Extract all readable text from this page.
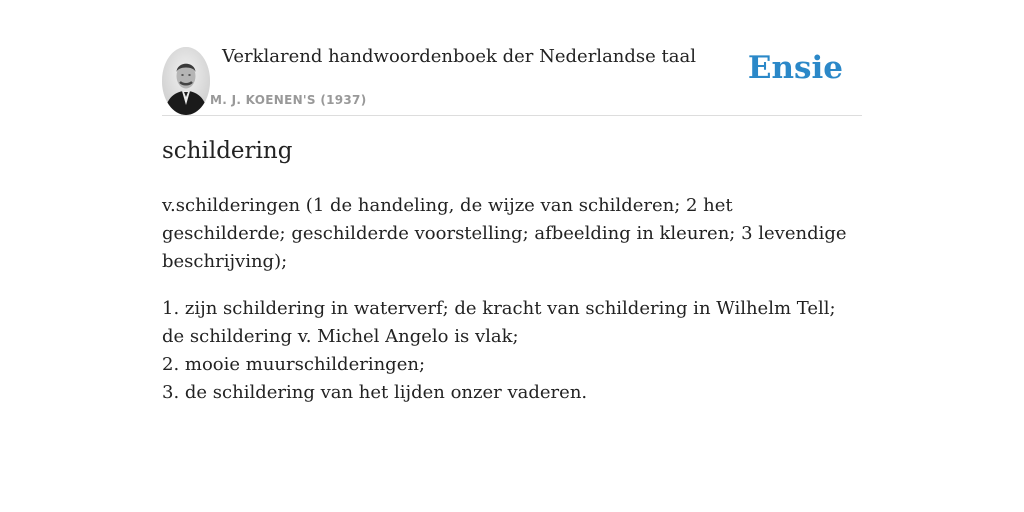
Verklarend handwoordenboek der Nederlandse taal
M. J. KOENEN'S (1937)
Ensie
schildering

v.schilderingen (1 de handeling, de wijze van schilderen; 2 het geschilderde; geschilderde voorstelling; afbeelding in kleuren; 3 levendige beschrijving);

1. zijn schildering in waterverf; de kracht van schildering in Wilhelm Tell; de schildering v. Michel Angelo is vlak;
2. mooie muurschilderingen;
3. de schildering van het lijden onzer vaderen.
